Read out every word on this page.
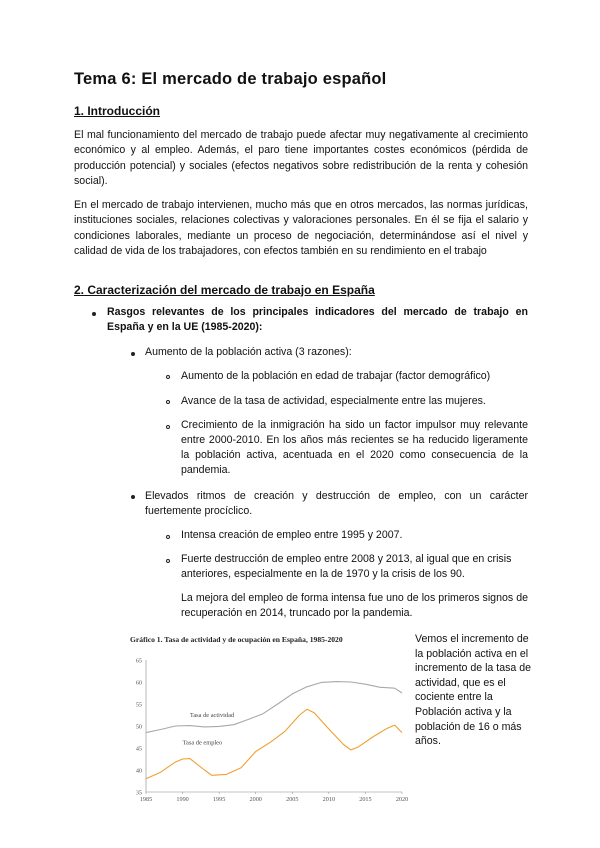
Tema 6: El mercado de trabajo español
1. Introducción

El mal funcionamiento del mercado de trabajo puede afectar muy negativamente al crecimiento económico y al empleo. Además, el paro tiene importantes costes económicos (pérdida de producción potencial) y sociales (efectos negativos sobre redistribución de la renta y cohesión social).

En el mercado de trabajo intervienen, mucho más que en otros mercados, las normas jurídicas, instituciones sociales, relaciones colectivas y valoraciones personales. En él se fija el salario y condiciones laborales, mediante un proceso de negociación, determinándose así el nivel y calidad de vida de los trabajadores, con efectos también en su rendimiento en el trabajo

2. Caracterización del mercado de trabajo en España
Rasgos relevantes de los principales indicadores del mercado de trabajo en España y en la UE (1985-2020):
Aumento de la población activa (3 razones):
Aumento de la población en edad de trabajar (factor demográfico)
Avance de la tasa de actividad, especialmente entre las mujeres.
Crecimiento de la inmigración ha sido un factor impulsor muy relevante entre 2000-2010. En los años más recientes se ha reducido ligeramente la población activa, acentuada en el 2020 como consecuencia de la pandemia.
Elevados ritmos de creación y destrucción de empleo, con un carácter fuertemente procíclico.
Intensa creación de empleo entre 1995 y 2007.
Fuerte destrucción de empleo entre 2008 y 2013, al igual que en crisis anteriores, especialmente en la de 1970 y la crisis de los 90.
La mejora del empleo de forma intensa fue uno de los primeros signos de recuperación en 2014, truncado por la pandemia.
Gráfico 1. Tasa de actividad y de ocupación en España, 1985-2020
35
40
45
50
55
60
65
1985	1990	1995	2000	2005	2010	2015	2020
Tasa de actividad
Tasa de empleo

Vemos el incremento de la población activa en el incremento de la tasa de actividad, que es el cociente entre la Población activa y la población de 16 o más años.
